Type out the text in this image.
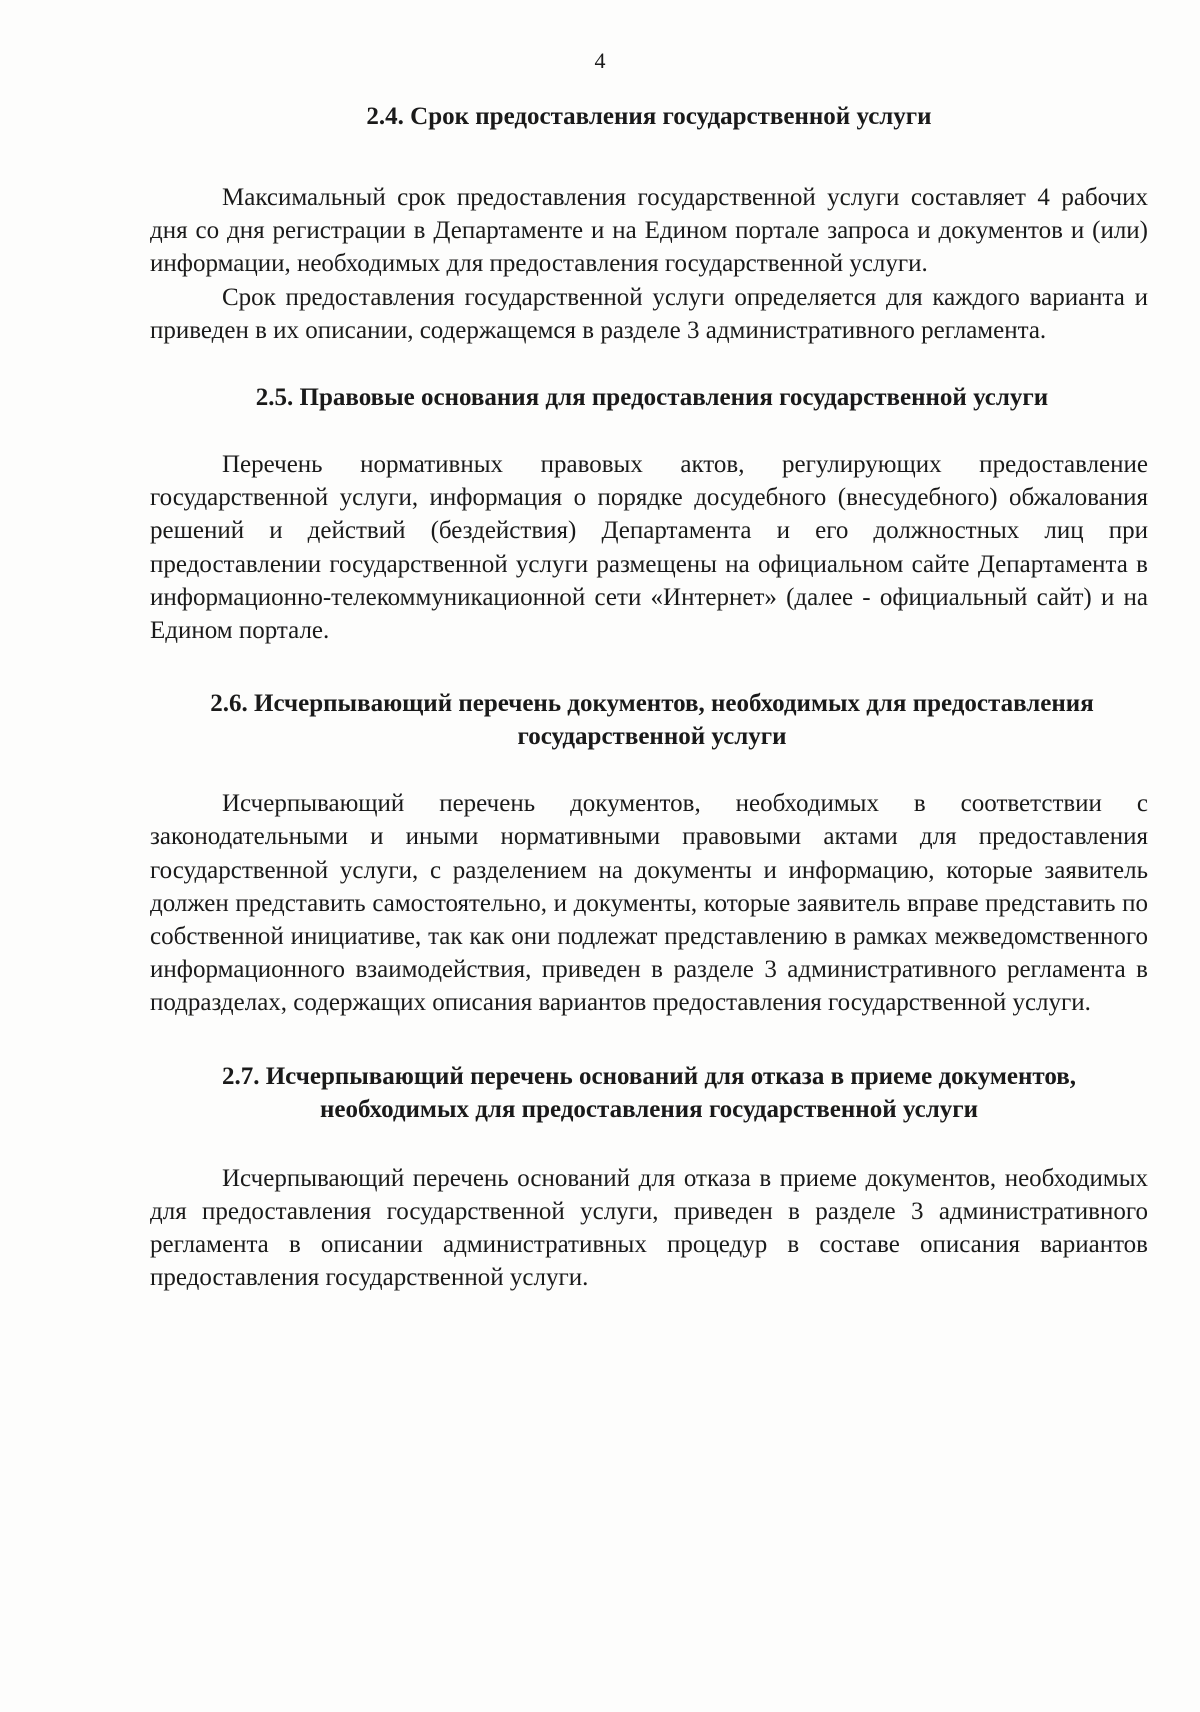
4
2.4. Срок предоставления государственной услуги

Максимальный срок предоставления государственной услуги составляет 4 рабочих дня со дня регистрации в Департаменте и на Едином портале запроса и документов и (или) информации, необходимых для предоставления государственной услуги.

Срок предоставления государственной услуги определяется для каждого варианта и приведен в их описании, содержащемся в разделе 3 административного регламента.

2.5. Правовые основания для предоставления государственной услуги

Перечень нормативных правовых актов, регулирующих предоставление государственной услуги, информация о порядке досудебного (внесудебного) обжалования решений и действий (бездействия) Департамента и его должностных лиц при предоставлении государственной услуги размещены на официальном сайте Департамента в информационно-телекоммуникационной сети «Интернет» (далее - официальный сайт) и на Едином портале.

2.6. Исчерпывающий перечень документов, необходимых для предоставления государственной услуги

Исчерпывающий перечень документов, необходимых в соответствии с законодательными и иными нормативными правовыми актами для предоставления государственной услуги, с разделением на документы и информацию, которые заявитель должен представить самостоятельно, и документы, которые заявитель вправе представить по собственной инициативе, так как они подлежат представлению в рамках межведомственного информационного взаимодействия, приведен в разделе 3 административного регламента в подразделах, содержащих описания вариантов предоставления государственной услуги.

2.7. Исчерпывающий перечень оснований для отказа в приеме документов, необходимых для предоставления государственной услуги

Исчерпывающий перечень оснований для отказа в приеме документов, необходимых для предоставления государственной услуги, приведен в разделе 3 административного регламента в описании административных процедур в составе описания вариантов предоставления государственной услуги.
